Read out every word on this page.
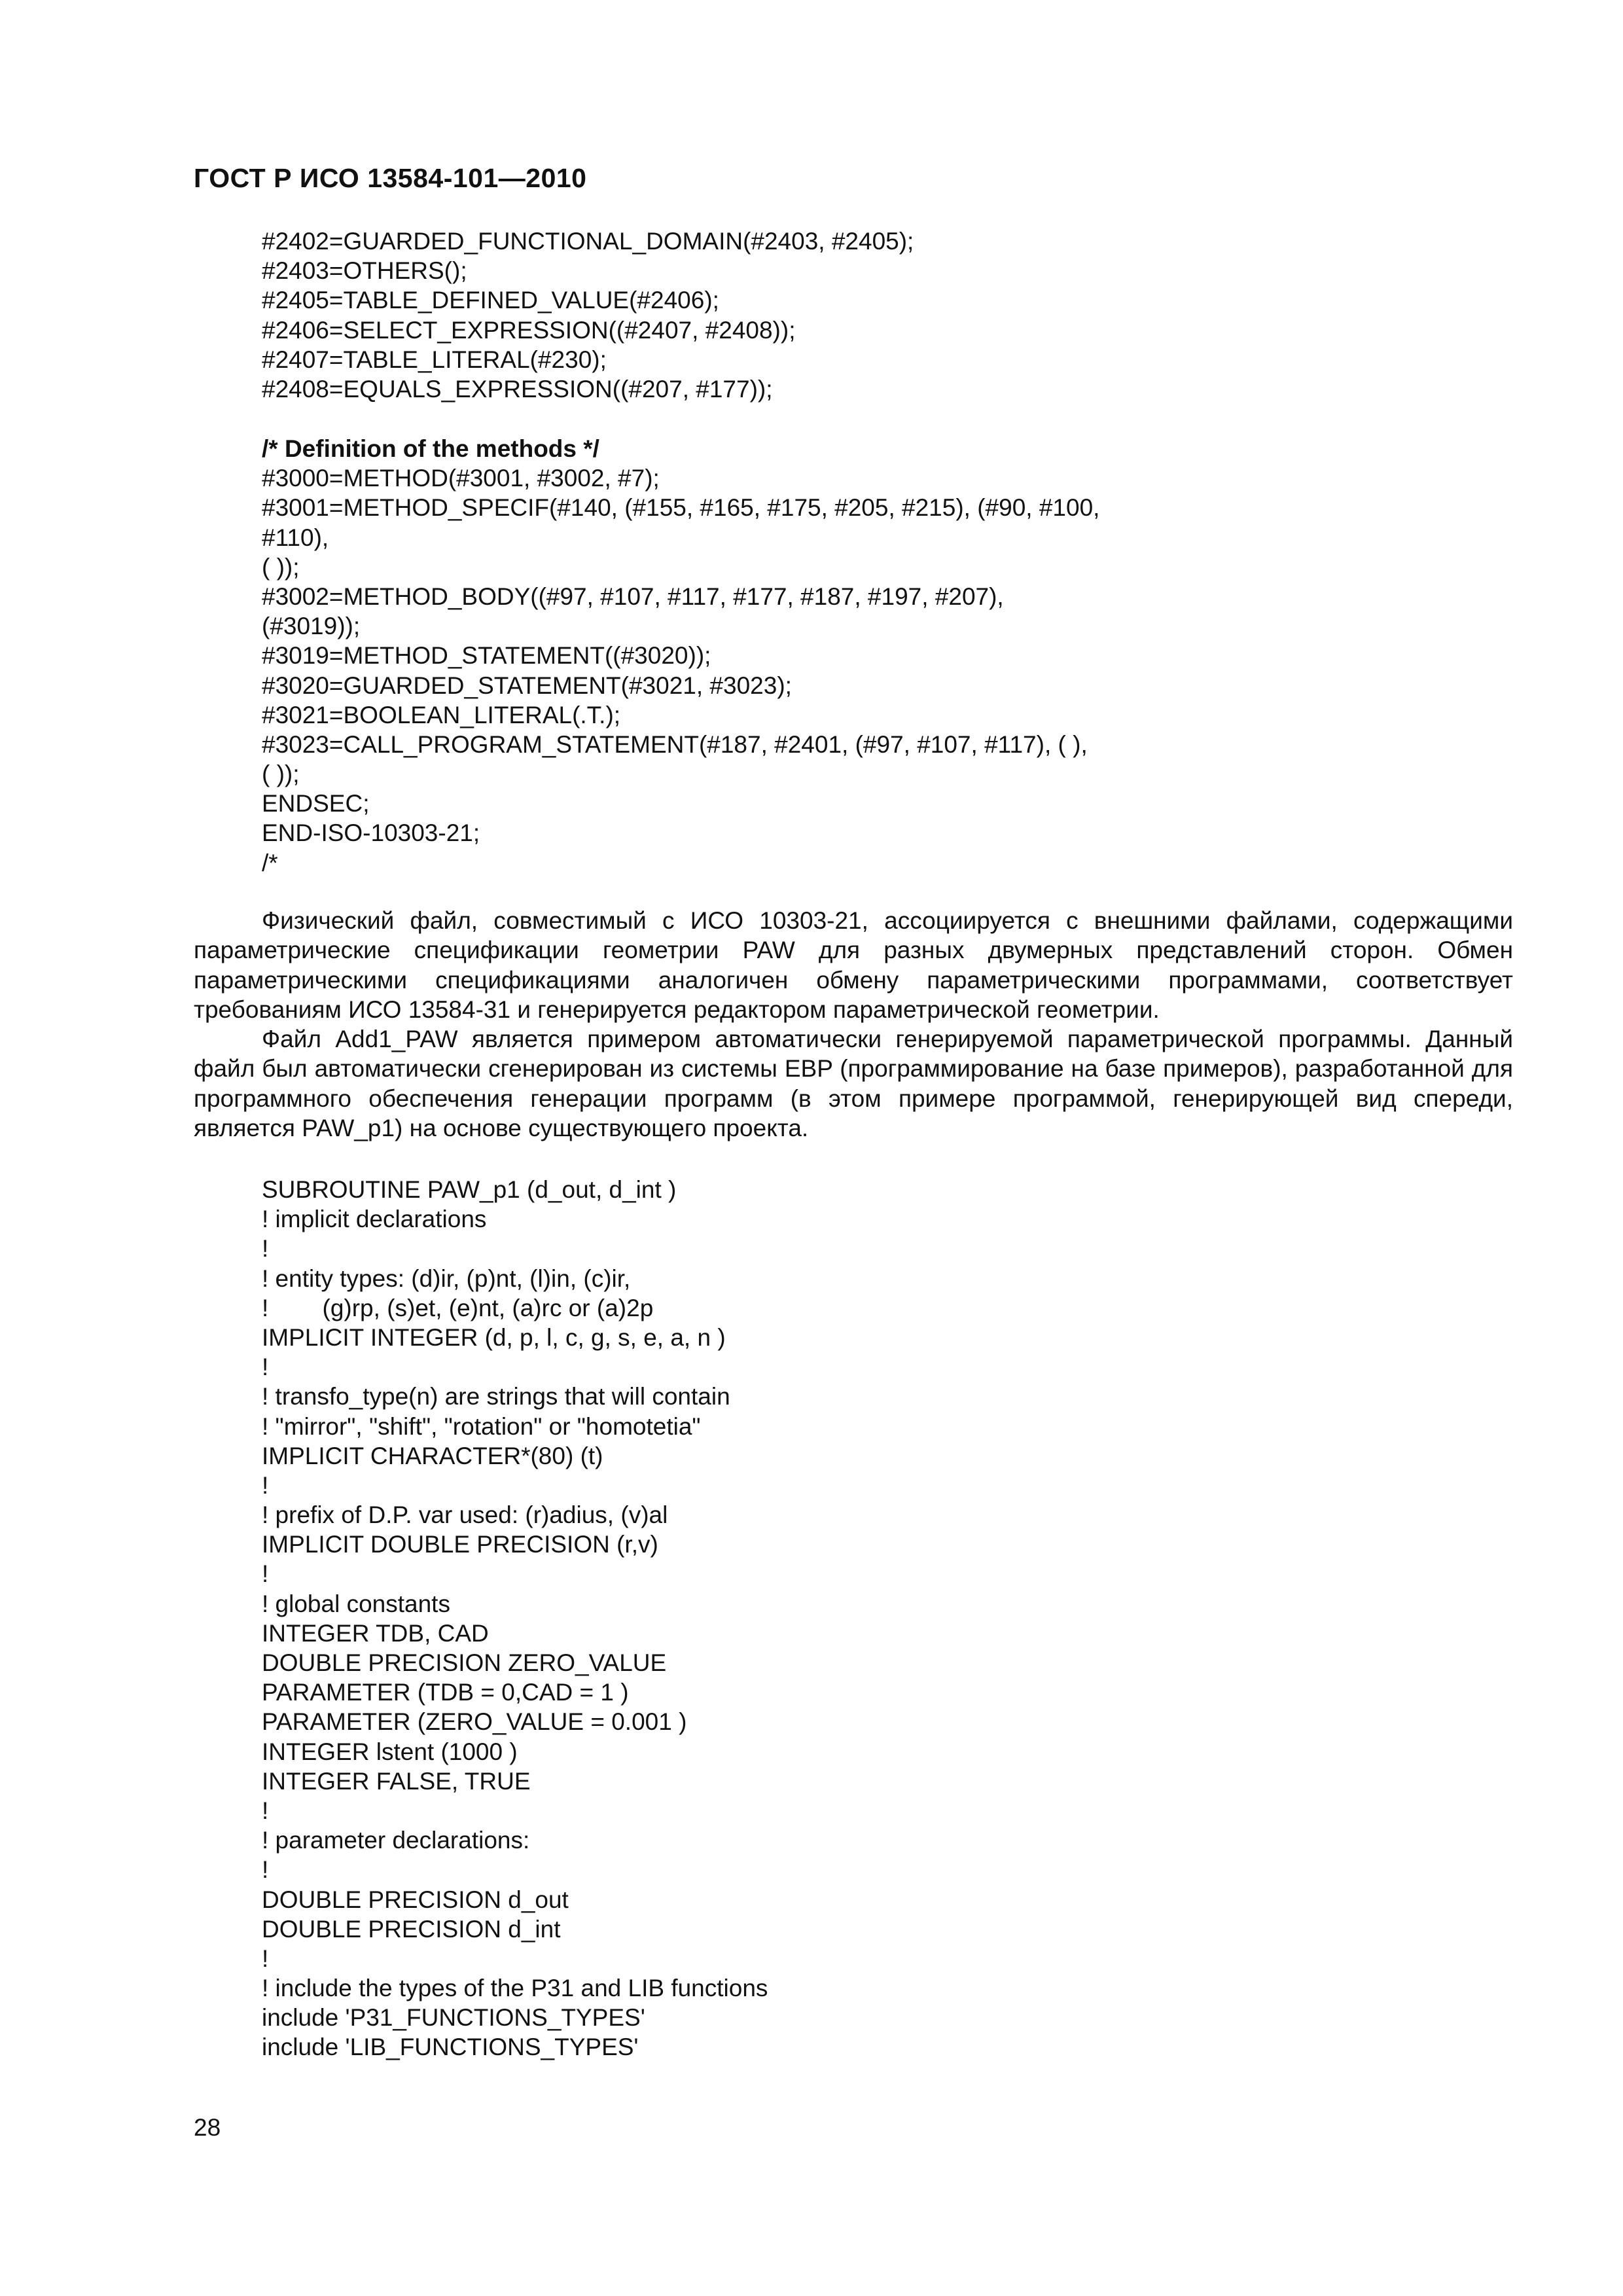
ГОСТ Р ИСО 13584-101—2010
#2402=GUARDED_FUNCTIONAL_DOMAIN(#2403, #2405);
#2403=OTHERS();
#2405=TABLE_DEFINED_VALUE(#2406);
#2406=SELECT_EXPRESSION((#2407, #2408));
#2407=TABLE_LITERAL(#230);
#2408=EQUALS_EXPRESSION((#207, #177));
/* Definition of the methods */
#3000=METHOD(#3001, #3002, #7);
#3001=METHOD_SPECIF(#140, (#155, #165, #175, #205, #215), (#90, #100,
#110),
( ));
#3002=METHOD_BODY((#97, #107, #117, #177, #187, #197, #207),
(#3019));
#3019=METHOD_STATEMENT((#3020));
#3020=GUARDED_STATEMENT(#3021, #3023);
#3021=BOOLEAN_LITERAL(.T.);
#3023=CALL_PROGRAM_STATEMENT(#187, #2401, (#97, #107, #117), ( ),
( ));
ENDSEC;
END-ISO-10303-21;
/*

Физический файл, совместимый с ИСО 10303-21, ассоциируется с внешними файлами, содержащими параметрические спецификации геометрии PAW для разных двумерных представлений сторон. Обмен параметрическими спецификациями аналогичен обмену параметрическими программами, соответствует требованиям ИСО 13584-31 и генерируется редактором параметрической геометрии.

Файл Add1_PAW является примером автоматически генерируемой параметрической программы. Данный файл был автоматически сгенерирован из системы EBP (программирование на базе примеров), разработанной для программного обеспечения генерации программ (в этом примере программой, генерирующей вид спереди, является PAW_p1) на основе существующего проекта.

SUBROUTINE PAW_p1 (d_out, d_int )
! implicit declarations
!
! entity types: (d)ir, (p)nt, (l)in, (c)ir,
!        (g)rp, (s)et, (e)nt, (a)rc or (a)2p
IMPLICIT INTEGER (d, p, l, c, g, s, e, a, n )
!
! transfo_type(n) are strings that will contain
! "mirror", "shift", "rotation" or "homotetia"
IMPLICIT CHARACTER*(80) (t)
!
! prefix of D.P. var used: (r)adius, (v)al
IMPLICIT DOUBLE PRECISION (r,v)
!
! global constants
INTEGER TDB, CAD
DOUBLE PRECISION ZERO_VALUE
PARAMETER (TDB = 0,CAD = 1 )
PARAMETER (ZERO_VALUE = 0.001 )
INTEGER lstent (1000 )
INTEGER FALSE, TRUE
!
! parameter declarations:
!
DOUBLE PRECISION d_out
DOUBLE PRECISION d_int
!
! include the types of the P31 and LIB functions
include 'P31_FUNCTIONS_TYPES'
include 'LIB_FUNCTIONS_TYPES'
28
